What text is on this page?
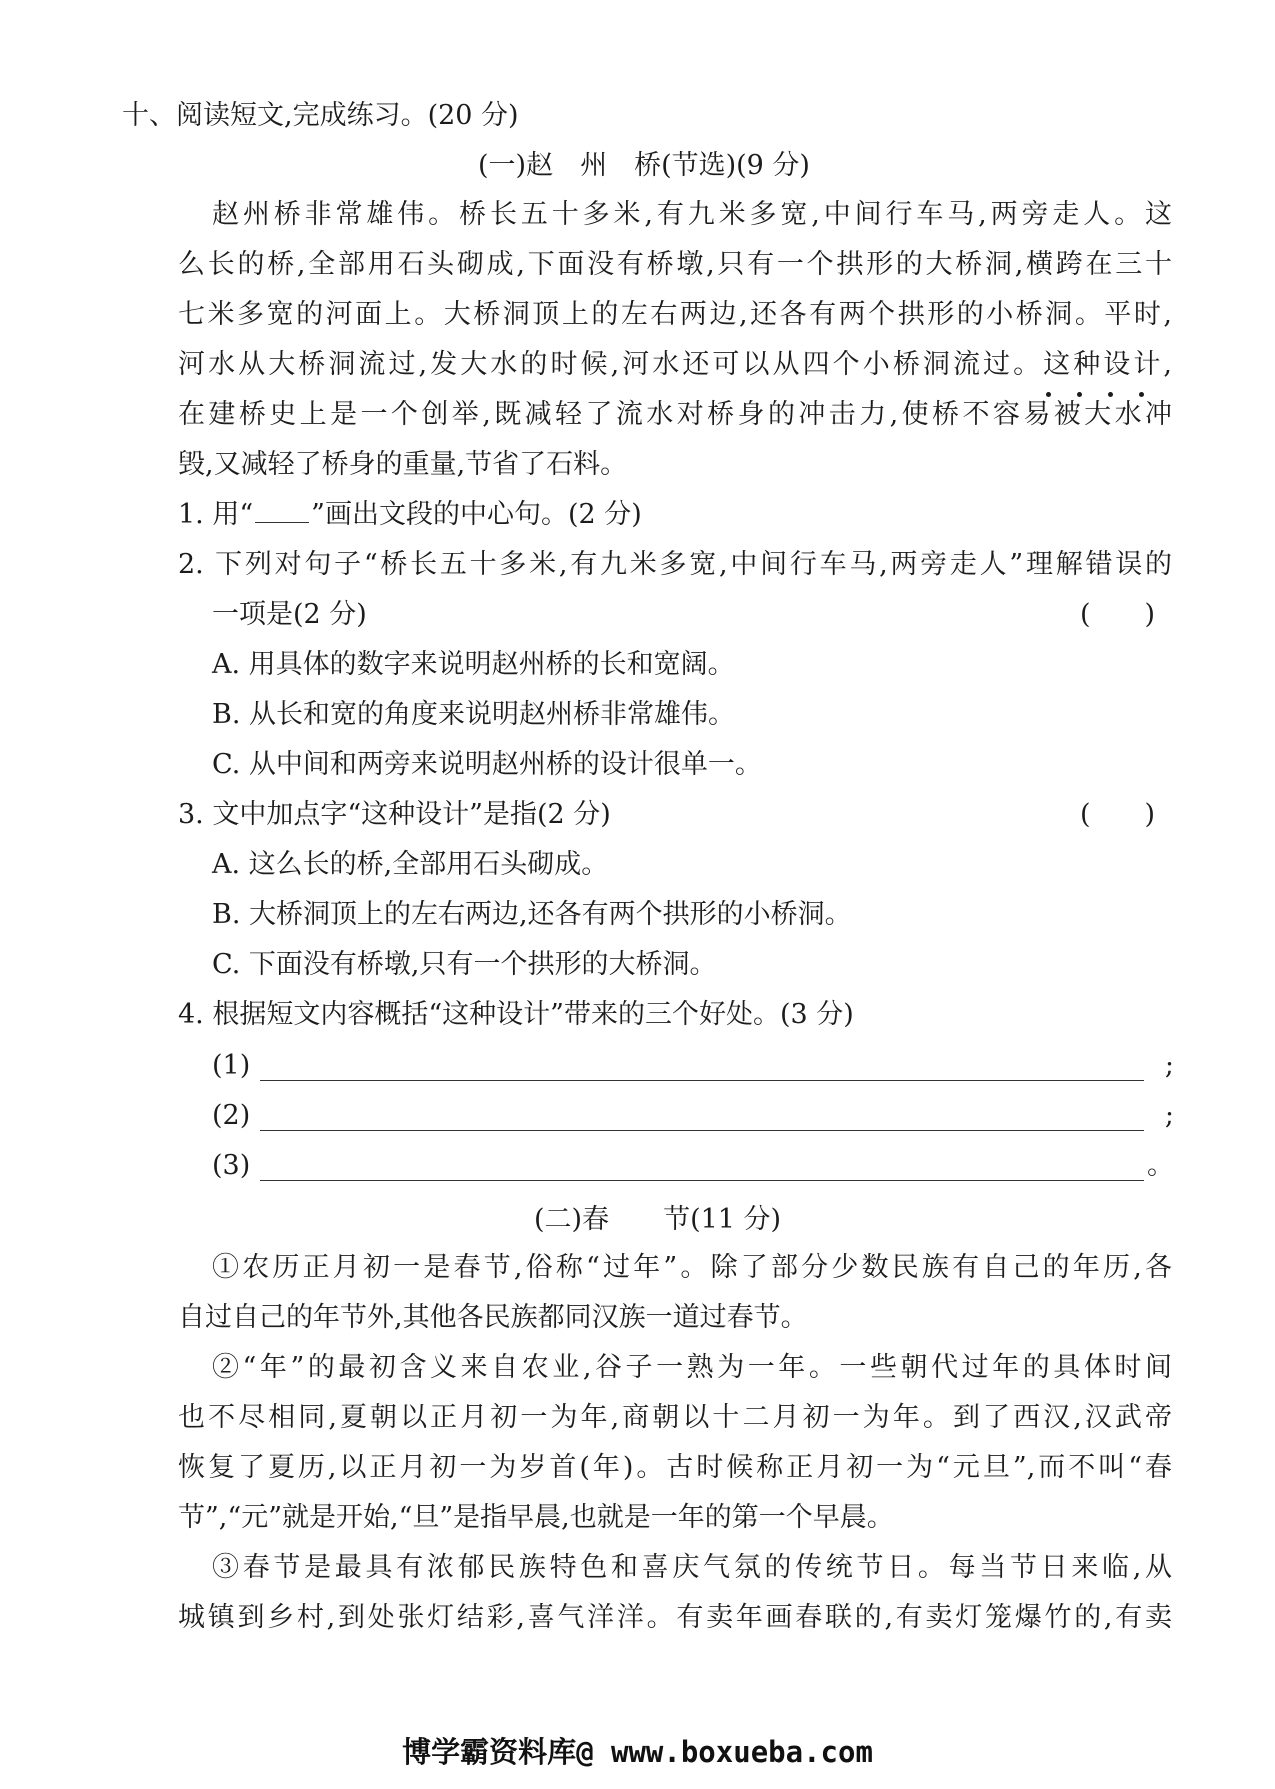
十、阅读短文,完成练习。(20 分)
(一)赵　州　桥(节选)(9 分)
赵州桥非常雄伟。桥长五十多米,有九米多宽,中间行车马,两旁走人。这
么长的桥,全部用石头砌成,下面没有桥墩,只有一个拱形的大桥洞,横跨在三十
七米多宽的河面上。大桥洞顶上的左右两边,还各有两个拱形的小桥洞。平时,
河水从大桥洞流过,发大水的时候,河水还可以从四个小桥洞流过。这种设计,
在建桥史上是一个创举,既减轻了流水对桥身的冲击力,使桥不容易被大水冲
毁,又减轻了桥身的重量,节省了石料。
1. 用“ ”画出文段的中心句。(2 分)
2. 下列对句子“桥长五十多米,有九米多宽,中间行车马,两旁走人”理解错误的
一项是(2 分)	(　　)
A. 用具体的数字来说明赵州桥的长和宽阔。
B. 从长和宽的角度来说明赵州桥非常雄伟。
C. 从中间和两旁来说明赵州桥的设计很单一。
3. 文中加点字“这种设计”是指(2 分)	(　　)
A. 这么长的桥,全部用石头砌成。
B. 大桥洞顶上的左右两边,还各有两个拱形的小桥洞。
C. 下面没有桥墩,只有一个拱形的大桥洞。
4. 根据短文内容概括“这种设计”带来的三个好处。(3 分)
(1)	;
(2)	;
(3)	。
(二)春　　节(11 分)
①农历正月初一是春节,俗称“过年”。除了部分少数民族有自己的年历,各
自过自己的年节外,其他各民族都同汉族一道过春节。
②“年”的最初含义来自农业,谷子一熟为一年。一些朝代过年的具体时间
也不尽相同,夏朝以正月初一为年,商朝以十二月初一为年。到了西汉,汉武帝
恢复了夏历,以正月初一为岁首(年)。古时候称正月初一为“元旦”,而不叫“春
节”,“元”就是开始,“旦”是指早晨,也就是一年的第一个早晨。
③春节是最具有浓郁民族特色和喜庆气氛的传统节日。每当节日来临,从
城镇到乡村,到处张灯结彩,喜气洋洋。有卖年画春联的,有卖灯笼爆竹的,有卖
博学霸资料库@ www.boxueba.com
